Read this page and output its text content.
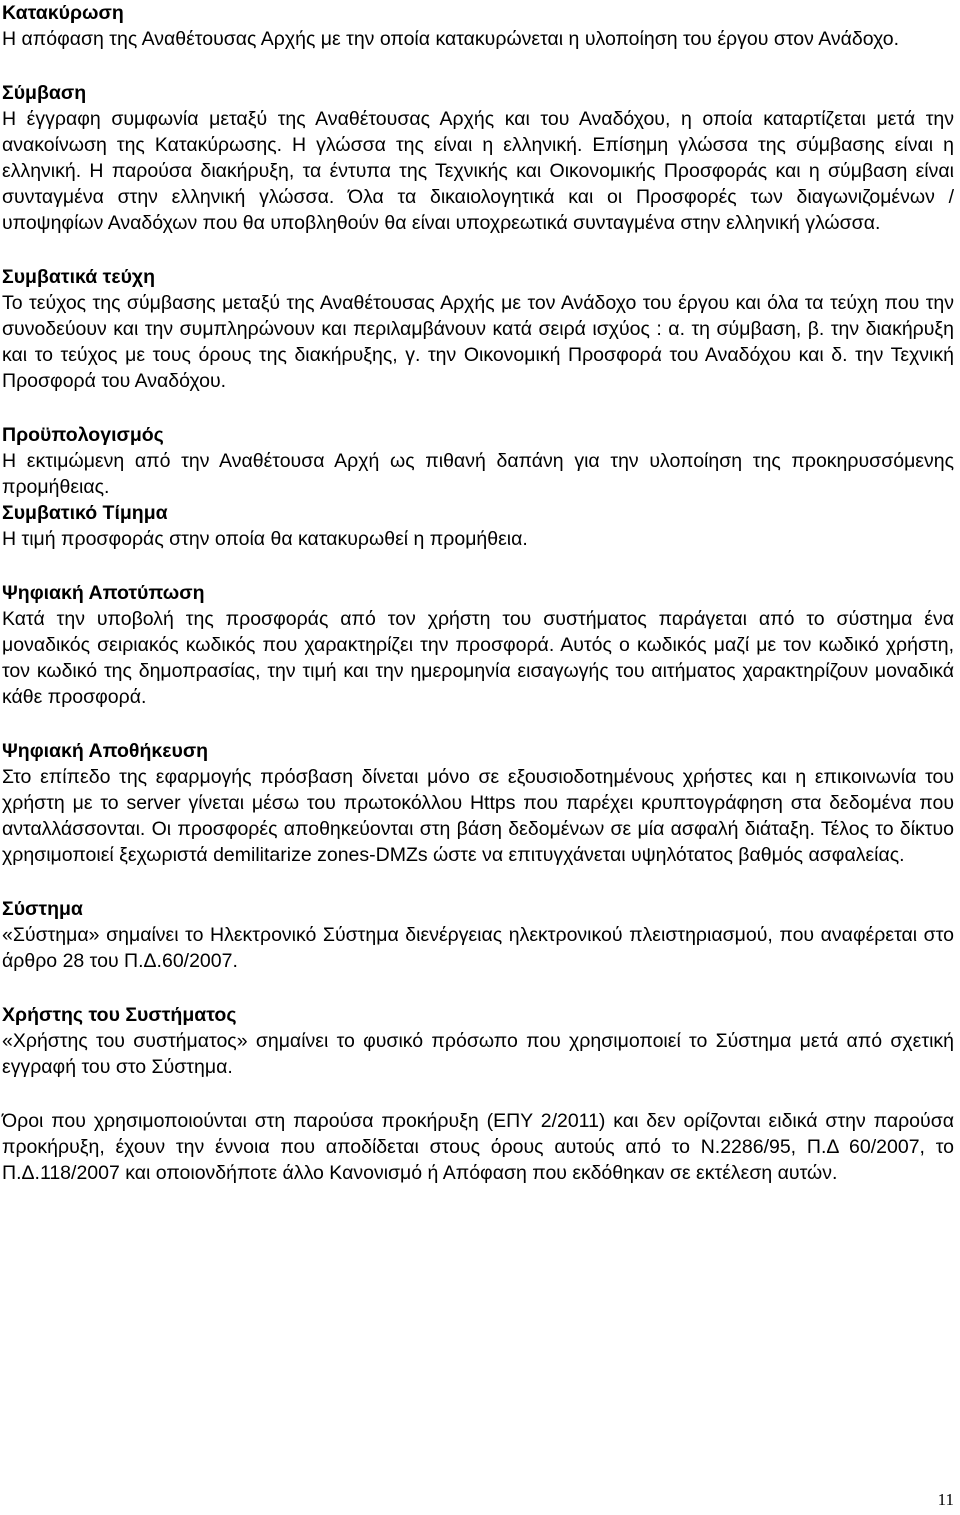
Κατακύρωση
Η απόφαση της Αναθέτουσας Αρχής με την οποία κατακυρώνεται η υλοποίηση του έργου στον Ανάδοχο.
Σύμβαση
Η έγγραφη συμφωνία μεταξύ της Αναθέτουσας Αρχής και του Αναδόχου, η οποία καταρτίζεται μετά την ανακοίνωση της Κατακύρωσης. Η γλώσσα της είναι η ελληνική. Επίσημη γλώσσα της σύμβασης είναι η ελληνική. Η παρούσα διακήρυξη, τα έντυπα της Τεχνικής και Οικονομικής Προσφοράς και η σύμβαση είναι συνταγμένα στην ελληνική γλώσσα. Όλα τα δικαιολογητικά και οι Προσφορές των διαγωνιζομένων / υποψηφίων Αναδόχων που θα υποβληθούν θα είναι υποχρεωτικά συνταγμένα στην ελληνική γλώσσα.
Συμβατικά τεύχη
Το τεύχος της σύμβασης μεταξύ της Αναθέτουσας Αρχής με τον Ανάδοχο του έργου και όλα τα τεύχη που την συνοδεύουν και την συμπληρώνουν και περιλαμβάνουν κατά σειρά ισχύος : α. τη σύμβαση, β. την διακήρυξη και το τεύχος με τους όρους της διακήρυξης, γ. την Οικονομική Προσφορά του Αναδόχου και δ. την Τεχνική Προσφορά του Αναδόχου.
Προϋπολογισμός
Η εκτιμώμενη από την Αναθέτουσα Αρχή ως πιθανή δαπάνη για την υλοποίηση της προκηρυσσόμενης προμήθειας.
Συμβατικό Τίμημα
Η τιμή προσφοράς στην οποία θα κατακυρωθεί η προμήθεια.
Ψηφιακή Αποτύπωση
Κατά την υποβολή της προσφοράς από τον χρήστη του συστήματος παράγεται από το σύστημα ένα μοναδικός σειριακός κωδικός που χαρακτηρίζει την προσφορά. Αυτός ο κωδικός μαζί με τον κωδικό χρήστη, τον κωδικό της δημοπρασίας, την τιμή και την ημερομηνία εισαγωγής του αιτήματος χαρακτηρίζουν μοναδικά κάθε προσφορά.
Ψηφιακή Αποθήκευση
Στο επίπεδο της εφαρμογής πρόσβαση δίνεται μόνο σε εξουσιοδοτημένους χρήστες και η επικοινωνία του χρήστη με το server γίνεται μέσω του πρωτοκόλλου Https που παρέχει κρυπτογράφηση στα δεδομένα που ανταλλάσσονται. Οι προσφορές αποθηκεύονται στη βάση δεδομένων σε μία ασφαλή διάταξη. Τέλος το δίκτυο χρησιμοποιεί ξεχωριστά demilitarize zones-DMZs ώστε να επιτυγχάνεται υψηλότατος βαθμός ασφαλείας.
Σύστημα
«Σύστημα» σημαίνει το Ηλεκτρονικό Σύστημα διενέργειας ηλεκτρονικού πλειστηριασμού, που αναφέρεται στο άρθρο 28 του Π.Δ.60/2007.
Χρήστης του Συστήματος
«Χρήστης του συστήματος» σημαίνει το φυσικό πρόσωπο που χρησιμοποιεί το Σύστημα μετά από σχετική εγγραφή του στο Σύστημα.

Όροι που χρησιμοποιούνται στη παρούσα προκήρυξη (ΕΠΥ 2/2011) και δεν ορίζονται ειδικά στην παρούσα προκήρυξη, έχουν την έννοια που αποδίδεται στους όρους αυτούς από το Ν.2286/95, Π.Δ 60/2007, το Π.Δ.118/2007 και οποιονδήποτε άλλο Κανονισμό ή Απόφαση που εκδόθηκαν σε εκτέλεση αυτών.

11
